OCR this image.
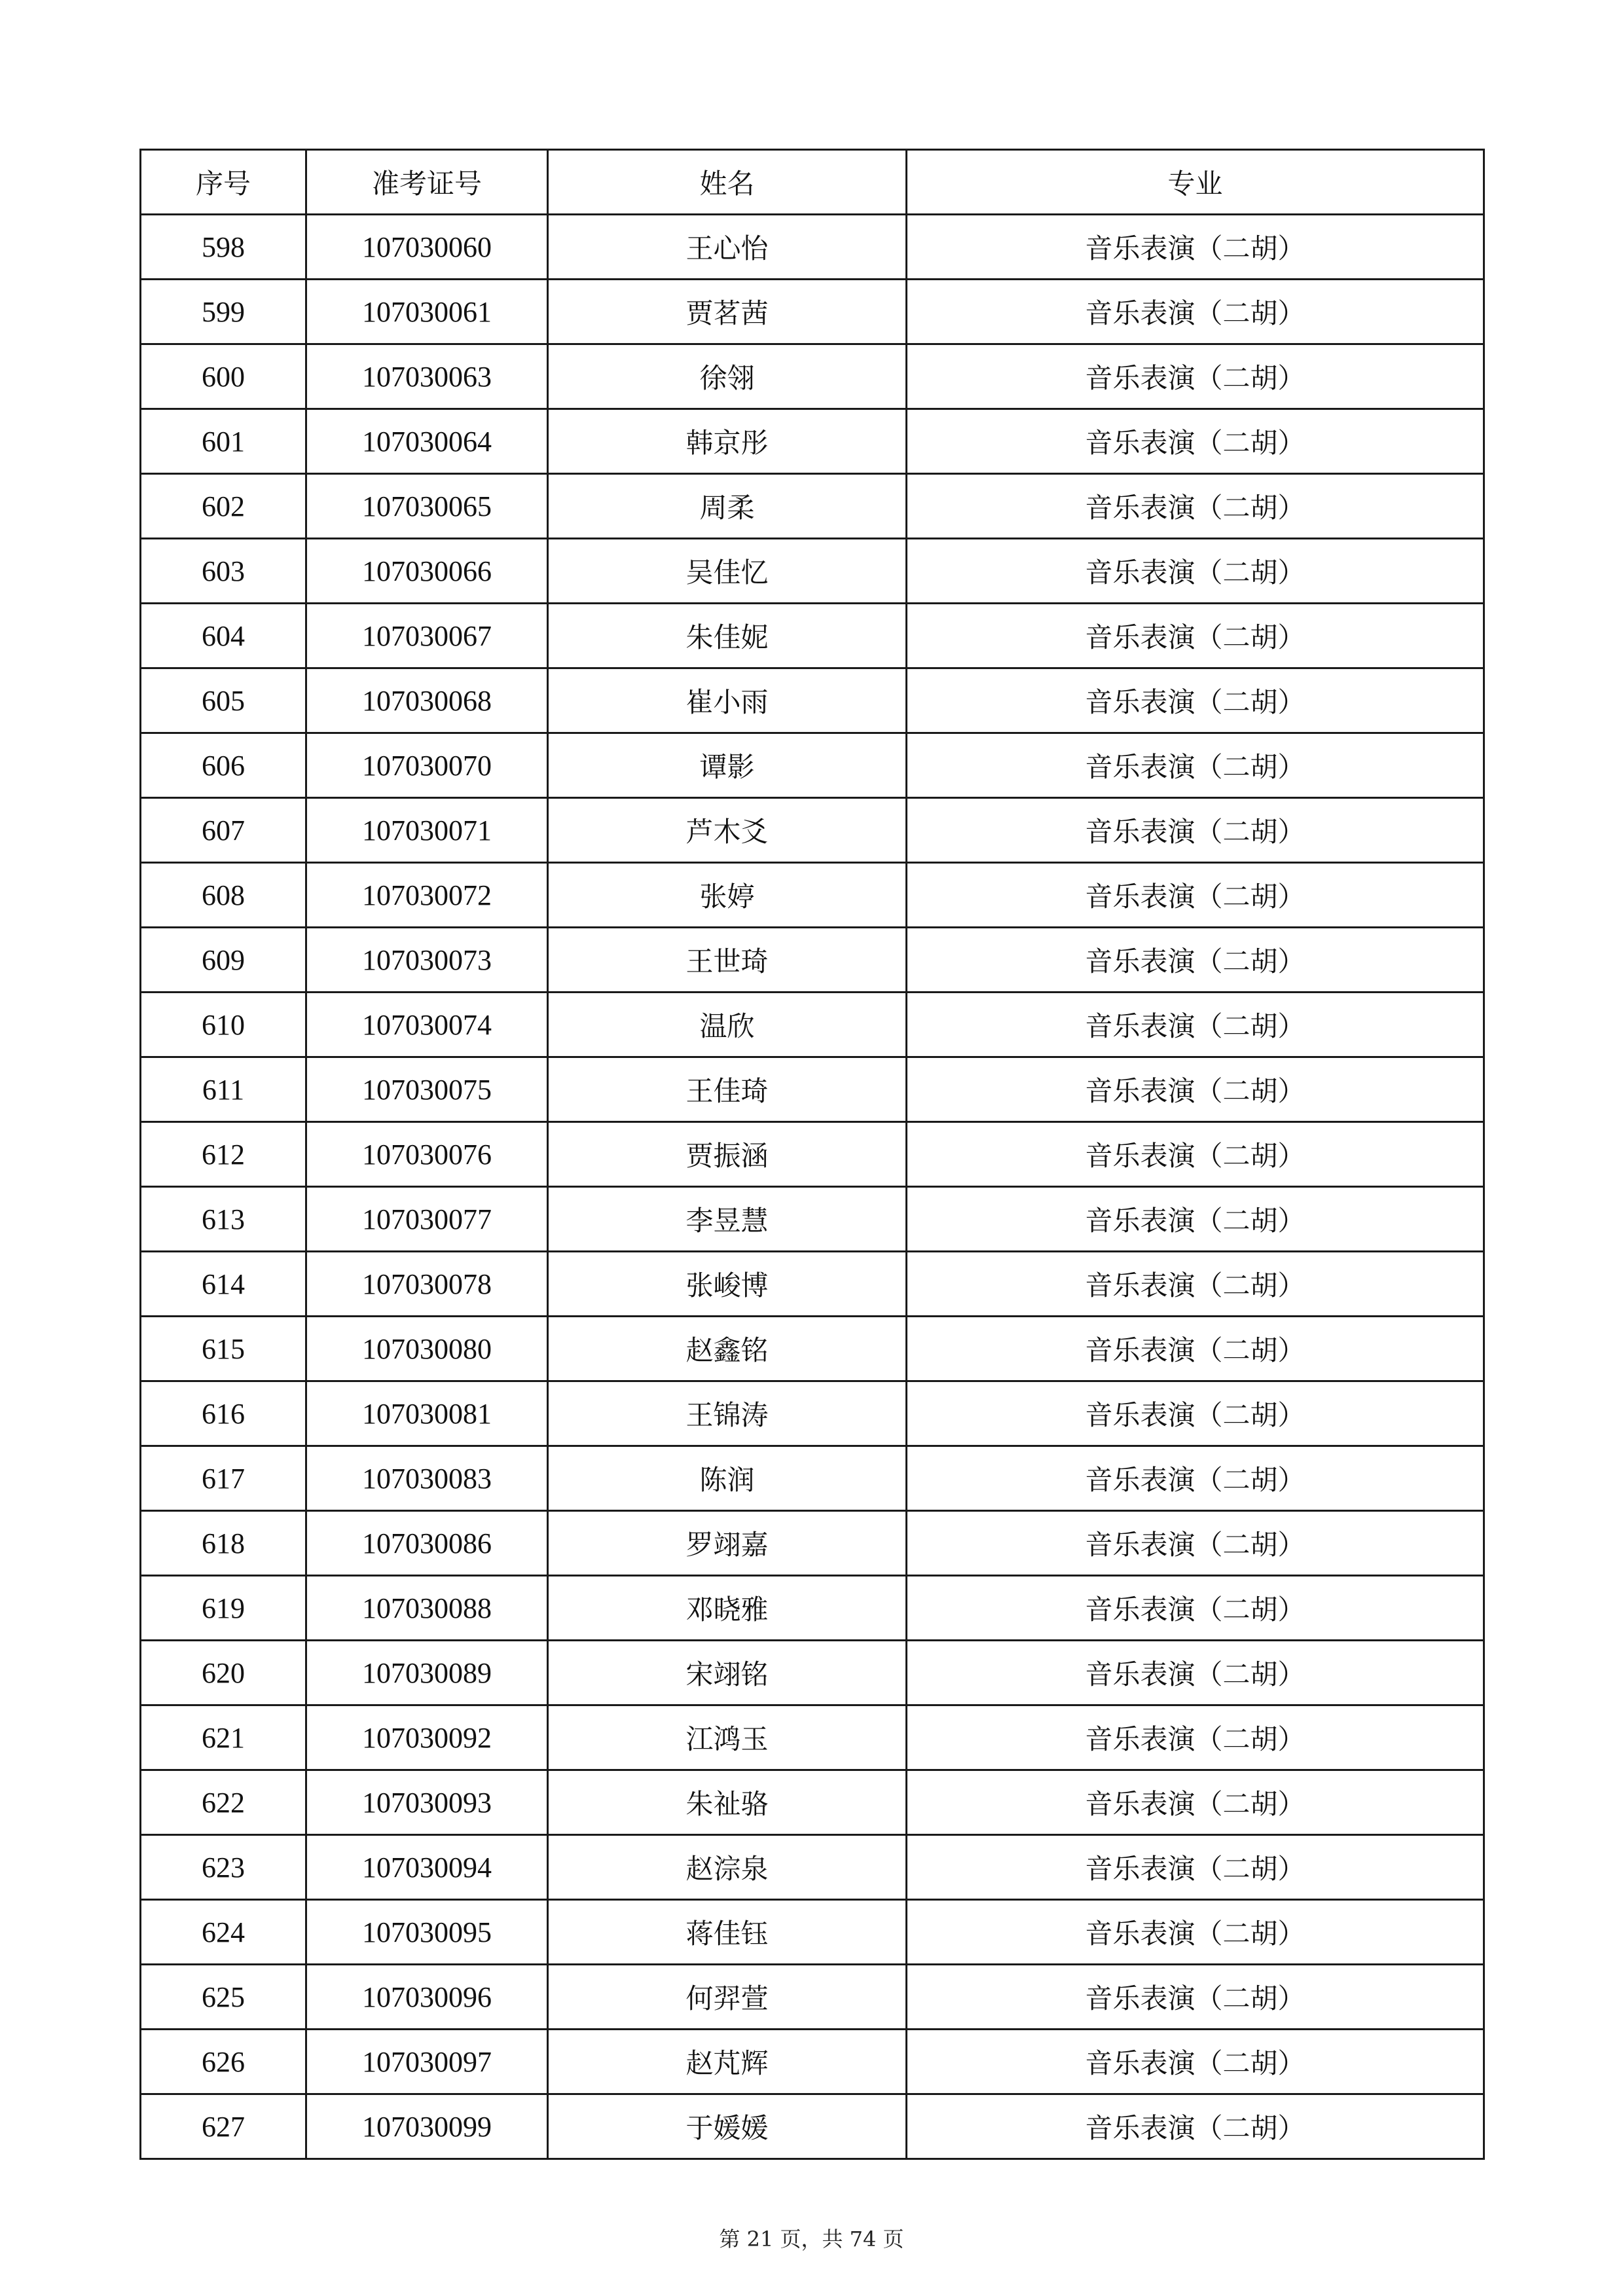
序号	准考证号	姓名	专业
598	107030060	王心怡	音乐表演（二胡）
599	107030061	贾茗茜	音乐表演（二胡）
600	107030063	徐翎	音乐表演（二胡）
601	107030064	韩京彤	音乐表演（二胡）
602	107030065	周柔	音乐表演（二胡）
603	107030066	吴佳忆	音乐表演（二胡）
604	107030067	朱佳妮	音乐表演（二胡）
605	107030068	崔小雨	音乐表演（二胡）
606	107030070	谭影	音乐表演（二胡）
607	107030071	芦木爻	音乐表演（二胡）
608	107030072	张婷	音乐表演（二胡）
609	107030073	王世琦	音乐表演（二胡）
610	107030074	温欣	音乐表演（二胡）
611	107030075	王佳琦	音乐表演（二胡）
612	107030076	贾振涵	音乐表演（二胡）
613	107030077	李昱慧	音乐表演（二胡）
614	107030078	张峻博	音乐表演（二胡）
615	107030080	赵鑫铭	音乐表演（二胡）
616	107030081	王锦涛	音乐表演（二胡）
617	107030083	陈润	音乐表演（二胡）
618	107030086	罗翊嘉	音乐表演（二胡）
619	107030088	邓晓雅	音乐表演（二胡）
620	107030089	宋翊铭	音乐表演（二胡）
621	107030092	江鸿玉	音乐表演（二胡）
622	107030093	朱祉骆	音乐表演（二胡）
623	107030094	赵淙泉	音乐表演（二胡）
624	107030095	蒋佳钰	音乐表演（二胡）
625	107030096	何羿萱	音乐表演（二胡）
626	107030097	赵芃辉	音乐表演（二胡）
627	107030099	于媛媛	音乐表演（二胡）
第 21 页，共 74 页
